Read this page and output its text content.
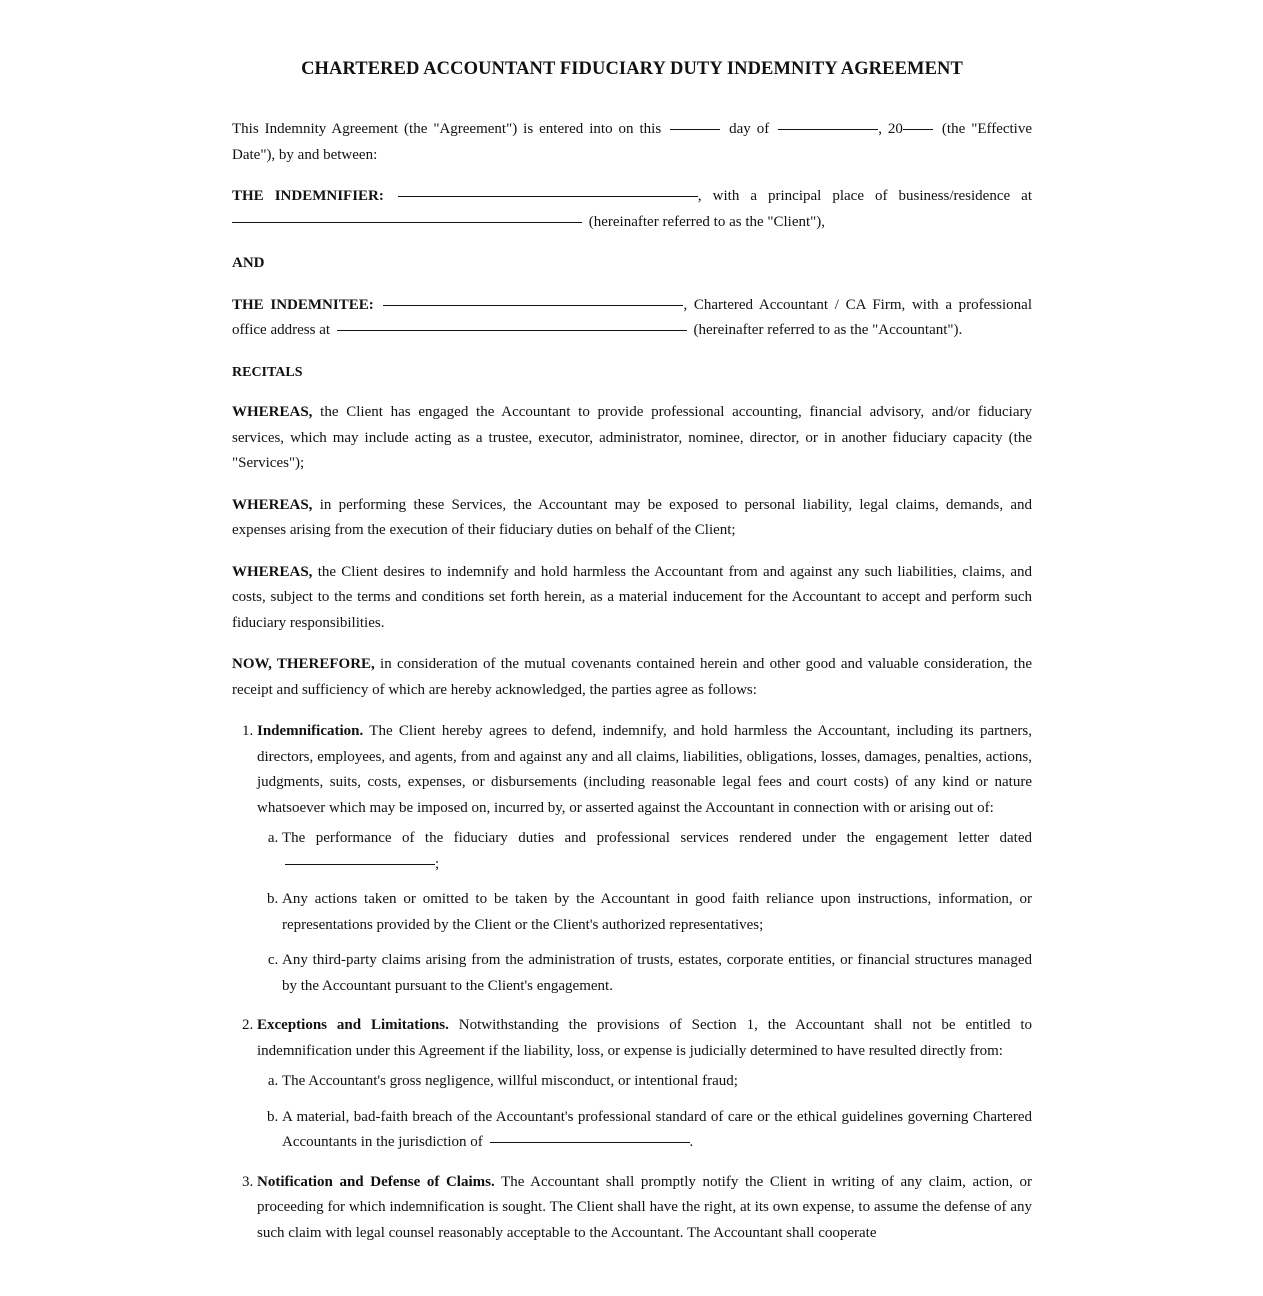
CHARTERED ACCOUNTANT FIDUCIARY DUTY INDEMNITY AGREEMENT

This Indemnity Agreement (the "Agreement") is entered into on this	day of	, 20	(the "Effective Date"), by and between:

THE INDEMNIFIER:	, with a principal place of business/residence at  (hereinafter referred to as the "Client"),

AND

THE INDEMNITEE:	, Chartered Accountant / CA Firm, with a professional office address at	(hereinafter referred to as the "Accountant").

RECITALS

WHEREAS, the Client has engaged the Accountant to provide professional accounting, financial advisory, and/or fiduciary services, which may include acting as a trustee, executor, administrator, nominee, director, or in another fiduciary capacity (the "Services");

WHEREAS, in performing these Services, the Accountant may be exposed to personal liability, legal claims, demands, and expenses arising from the execution of their fiduciary duties on behalf of the Client;

WHEREAS, the Client desires to indemnify and hold harmless the Accountant from and against any such liabilities, claims, and costs, subject to the terms and conditions set forth herein, as a material inducement for the Accountant to accept and perform such fiduciary responsibilities.

NOW, THEREFORE, in consideration of the mutual covenants contained herein and other good and valuable consideration, the receipt and sufficiency of which are hereby acknowledged, the parties agree as follows:

1. Indemnification. The Client hereby agrees to defend, indemnify, and hold harmless the Accountant, including its partners, directors, employees, and agents, from and against any and all claims, liabilities, obligations, losses, damages, penalties, actions, judgments, suits, costs, expenses, or disbursements (including reasonable legal fees and court costs) of any kind or nature whatsoever which may be imposed on, incurred by, or asserted against the Accountant in connection with or arising out of:
a. The performance of the fiduciary duties and professional services rendered under the engagement letter dated ;
b. Any actions taken or omitted to be taken by the Accountant in good faith reliance upon instructions, information, or representations provided by the Client or the Client's authorized representatives;
c. Any third-party claims arising from the administration of trusts, estates, corporate entities, or financial structures managed by the Accountant pursuant to the Client's engagement.
2. Exceptions and Limitations. Notwithstanding the provisions of Section 1, the Accountant shall not be entitled to indemnification under this Agreement if the liability, loss, or expense is judicially determined to have resulted directly from:
a. The Accountant's gross negligence, willful misconduct, or intentional fraud;
b. A material, bad-faith breach of the Accountant's professional standard of care or the ethical guidelines governing Chartered Accountants in the jurisdiction of	.
3. Notification and Defense of Claims. The Accountant shall promptly notify the Client in writing of any claim, action, or proceeding for which indemnification is sought. The Client shall have the right, at its own expense, to assume the defense of any such claim with legal counsel reasonably acceptable to the Accountant. The Accountant shall cooperate
